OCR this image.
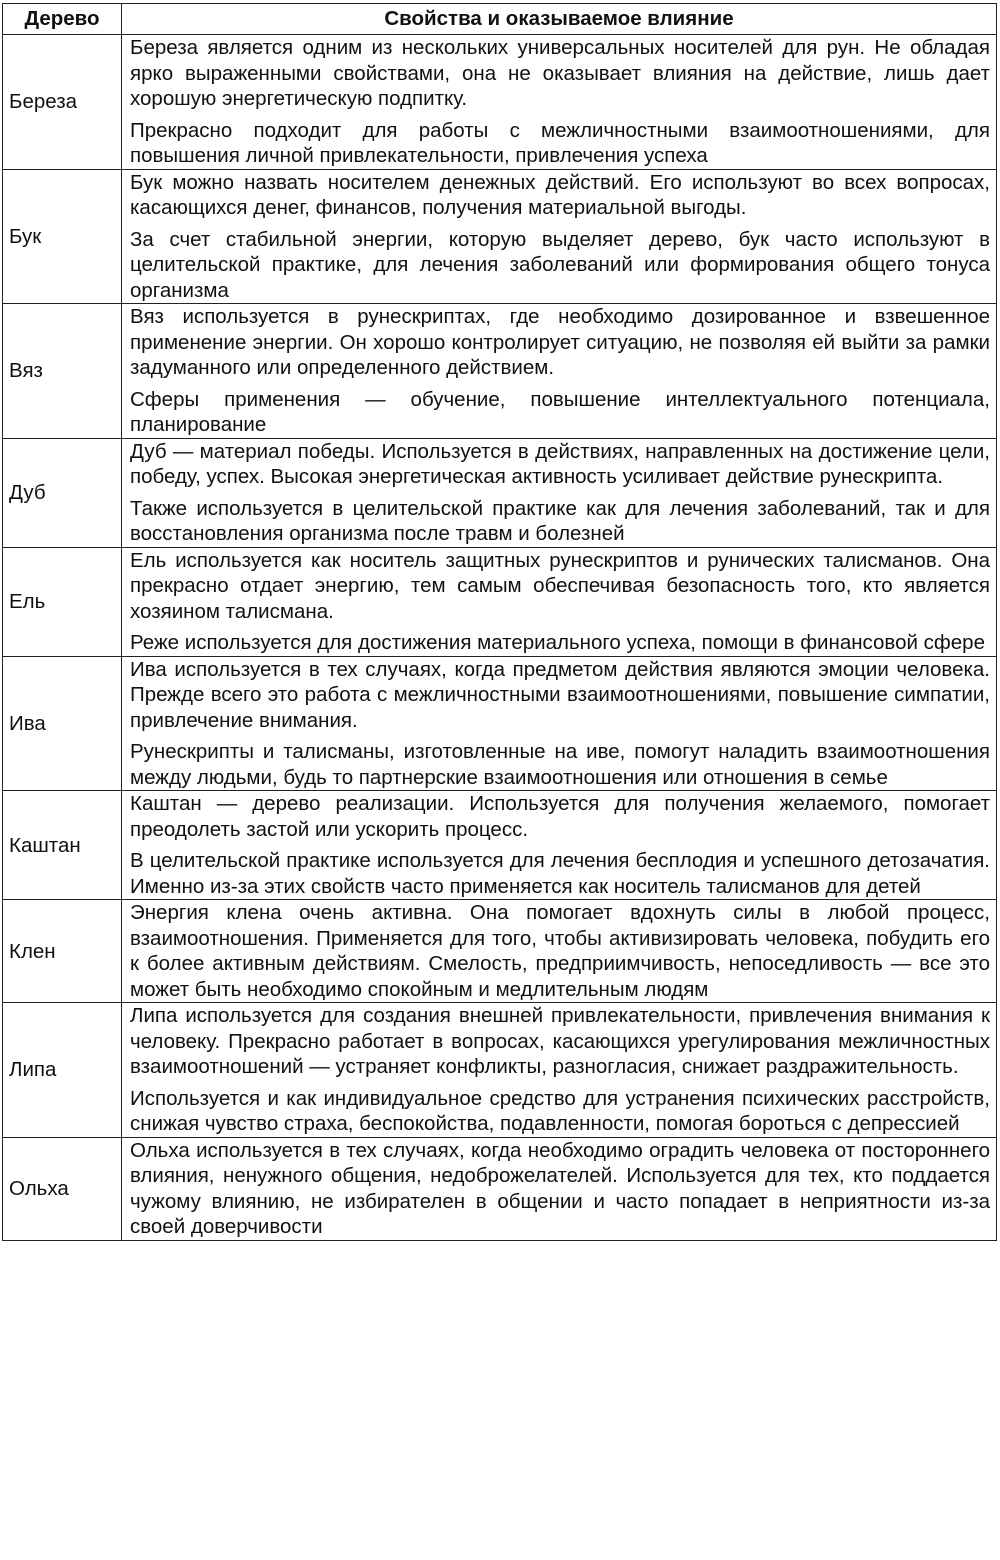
Дерево	Свойства и оказываемое влияние
Береза	Береза является одним из нескольких универсальных носителей для рун. Не обладая ярко выраженными свойствами, она не оказывает влияния на действие, лишь дает хорошую энергетическую подпитку.

Прекрасно подходит для работы с межличностными взаимоотношениями, для повышения личной привлекательности, привлечения успеха

Бук	Бук можно назвать носителем денежных действий. Его используют во всех вопросах, касающихся денег, финансов, получения материальной выгоды.

За счет стабильной энергии, которую выделяет дерево, бук часто используют в целительской практике, для лечения заболеваний или формирования общего тонуса организма

Вяз	Вяз используется в рунескриптах, где необходимо дозированное и взвешенное применение энергии. Он хорошо контролирует ситуацию, не позволяя ей выйти за рамки задуманного или определенного действием.

Сферы применения — обучение, повышение интеллектуального потенциала, планирование

Дуб	Дуб — материал победы. Используется в действиях, направленных на достижение цели, победу, успех. Высокая энергетическая активность усиливает действие рунескрипта.

Также используется в целительской практике как для лечения заболеваний, так и для восстановления организма после травм и болезней

Ель	Ель используется как носитель защитных рунескриптов и рунических талисманов. Она прекрасно отдает энергию, тем самым обеспечивая безопасность того, кто является хозяином талисмана.

Реже используется для достижения материального успеха, помощи в финансовой сфере

Ива	Ива используется в тех случаях, когда предметом действия являются эмоции человека. Прежде всего это работа с межличностными взаимоотношениями, повышение симпатии, привлечение внимания.

Рунескрипты и талисманы, изготовленные на иве, помогут наладить взаимоотношения между людьми, будь то партнерские взаимоотношения или отношения в семье

Каштан	Каштан — дерево реализации. Используется для получения желаемого, помогает преодолеть застой или ускорить процесс.

В целительской практике используется для лечения бесплодия и успешного детозачатия. Именно из-за этих свойств часто применяется как носитель талисманов для детей

Клен	Энергия клена очень активна. Она помогает вдохнуть силы в любой процесс, взаимоотношения. Применяется для того, чтобы активизировать человека, побудить его к более активным действиям. Смелость, предприимчивость, непоседливость — все это может быть необходимо спокойным и медлительным людям

Липа	Липа используется для создания внешней привлекательности, привлечения внимания к человеку. Прекрасно работает в вопросах, касающихся урегулирования межличностных взаимоотношений — устраняет конфликты, разногласия, снижает раздражительность.

Используется и как индивидуальное средство для устранения психических расстройств, снижая чувство страха, беспокойства, подавленности, помогая бороться с депрессией

Ольха	Ольха используется в тех случаях, когда необходимо оградить человека от постороннего влияния, ненужного общения, недоброжелателей. Используется для тех, кто поддается чужому влиянию, не избирателен в общении и часто попадает в неприятности из-за своей доверчивости
